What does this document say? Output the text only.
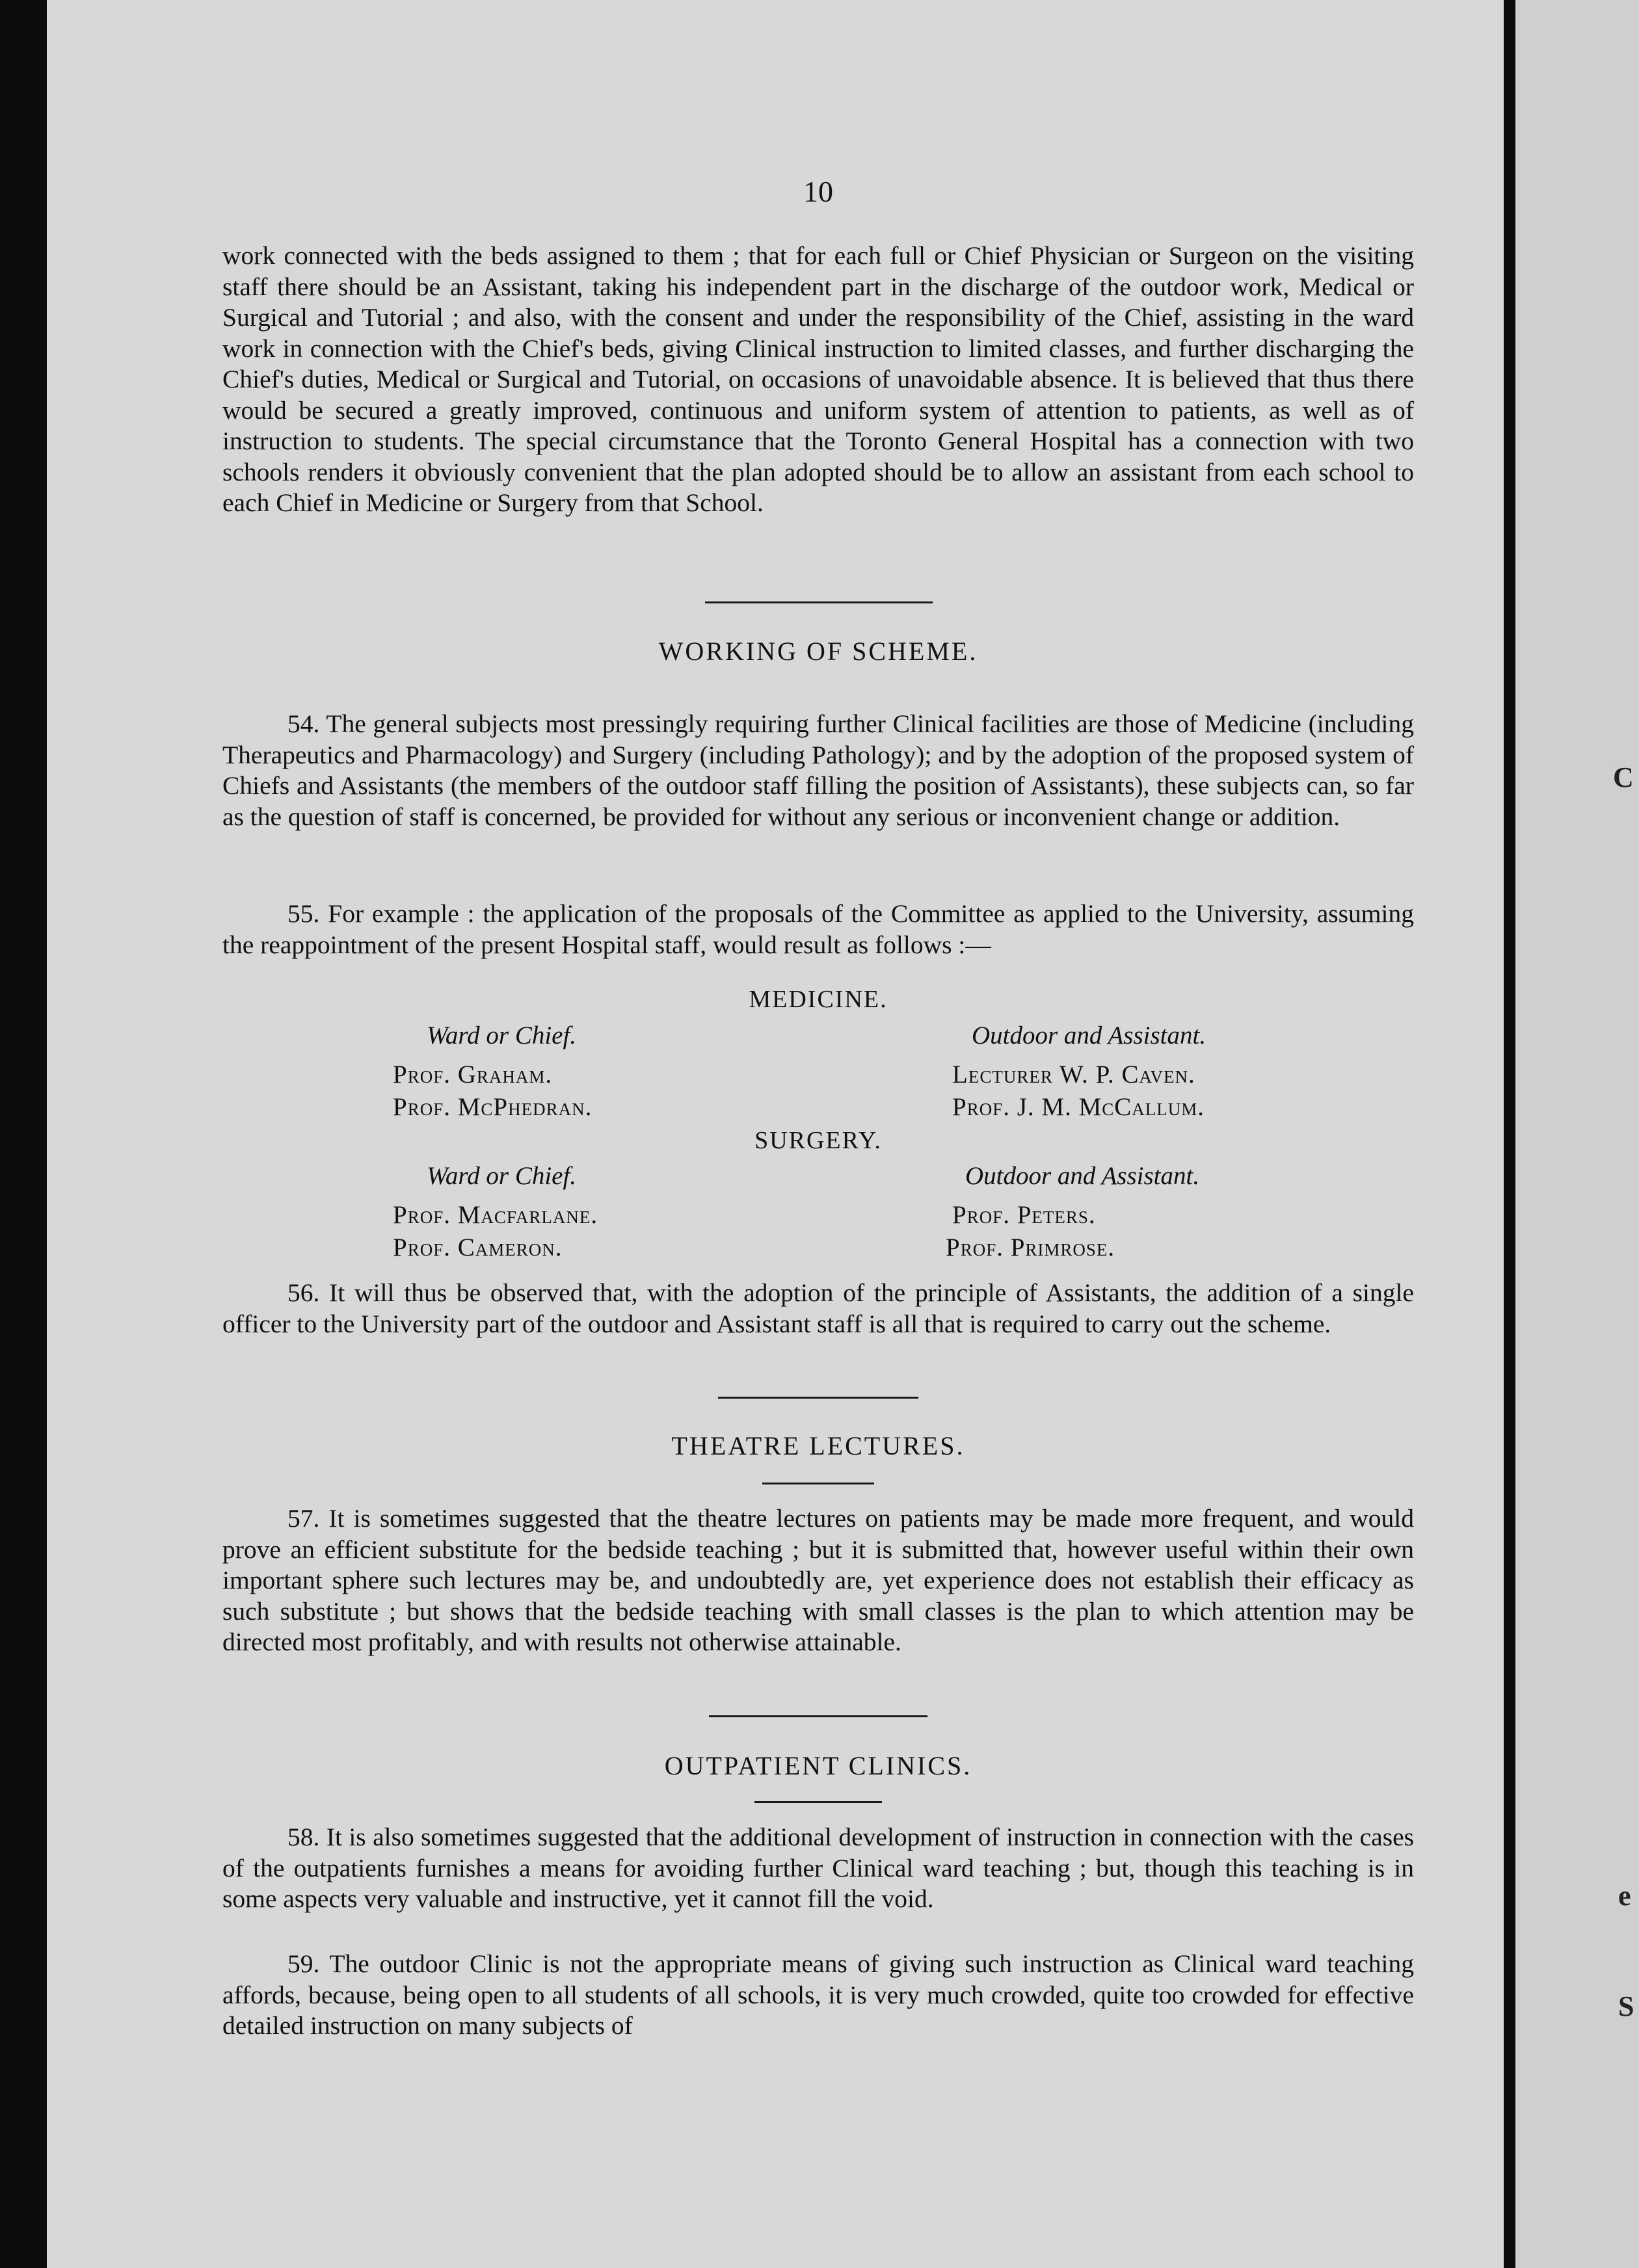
10

work connected with the beds assigned to them ; that for each full or Chief Physician or Surgeon on the visiting staff there should be an Assistant, taking his independent part in the discharge of the outdoor work, Medical or Surgical and Tutorial ; and also, with the consent and under the responsibility of the Chief, assisting in the ward work in connection with the Chief's beds, giving Clinical instruction to limited classes, and further discharging the Chief's duties, Medical or Surgical and Tutorial, on occasions of unavoidable absence. It is believed that thus there would be secured a greatly improved, continuous and uniform system of attention to patients, as well as of instruction to students. The special circumstance that the Toronto General Hospital has a connection with two schools renders it obviously convenient that the plan adopted should be to allow an assistant from each school to each Chief in Medicine or Surgery from that School.

WORKING OF SCHEME.

54. The general subjects most pressingly requiring further Clinical facilities are those of Medicine (including Therapeutics and Pharmacology) and Surgery (including Pathology); and by the adoption of the proposed system of Chiefs and Assistants (the members of the outdoor staff filling the position of Assistants), these subjects can, so far as the question of staff is concerned, be provided for without any serious or inconvenient change or addition.

55. For example : the application of the proposals of the Committee as applied to the University, assuming the reappointment of the present Hospital staff, would result as follows :—

MEDICINE.
Ward or Chief.	Outdoor and Assistant.
Prof. Graham.
Prof. McPhedran.
Lecturer W. P. Caven.
Prof. J. M. McCallum.
SURGERY.
Ward or Chief.	Outdoor and Assistant.
Prof. Macfarlane.
Prof. Cameron.
Prof. Peters.
Prof. Primrose.

56. It will thus be observed that, with the adoption of the principle of Assistants, the addition of a single officer to the University part of the outdoor and Assistant staff is all that is required to carry out the scheme.

THEATRE LECTURES.

57. It is sometimes suggested that the theatre lectures on patients may be made more frequent, and would prove an efficient substitute for the bedside teaching ; but it is submitted that, however useful within their own important sphere such lectures may be, and undoubtedly are, yet experience does not establish their efficacy as such substitute ; but shows that the bedside teaching with small classes is the plan to which attention may be directed most profitably, and with results not otherwise attainable.

OUTPATIENT CLINICS.

58. It is also sometimes suggested that the additional development of instruction in connection with the cases of the outpatients furnishes a means for avoiding further Clinical ward teaching ; but, though this teaching is in some aspects very valuable and instructive, yet it cannot fill the void.

59. The outdoor Clinic is not the appropriate means of giving such instruction as Clinical ward teaching affords, because, being open to all students of all schools, it is very much crowded, quite too crowded for effective detailed instruction on many subjects of

C
e
S
